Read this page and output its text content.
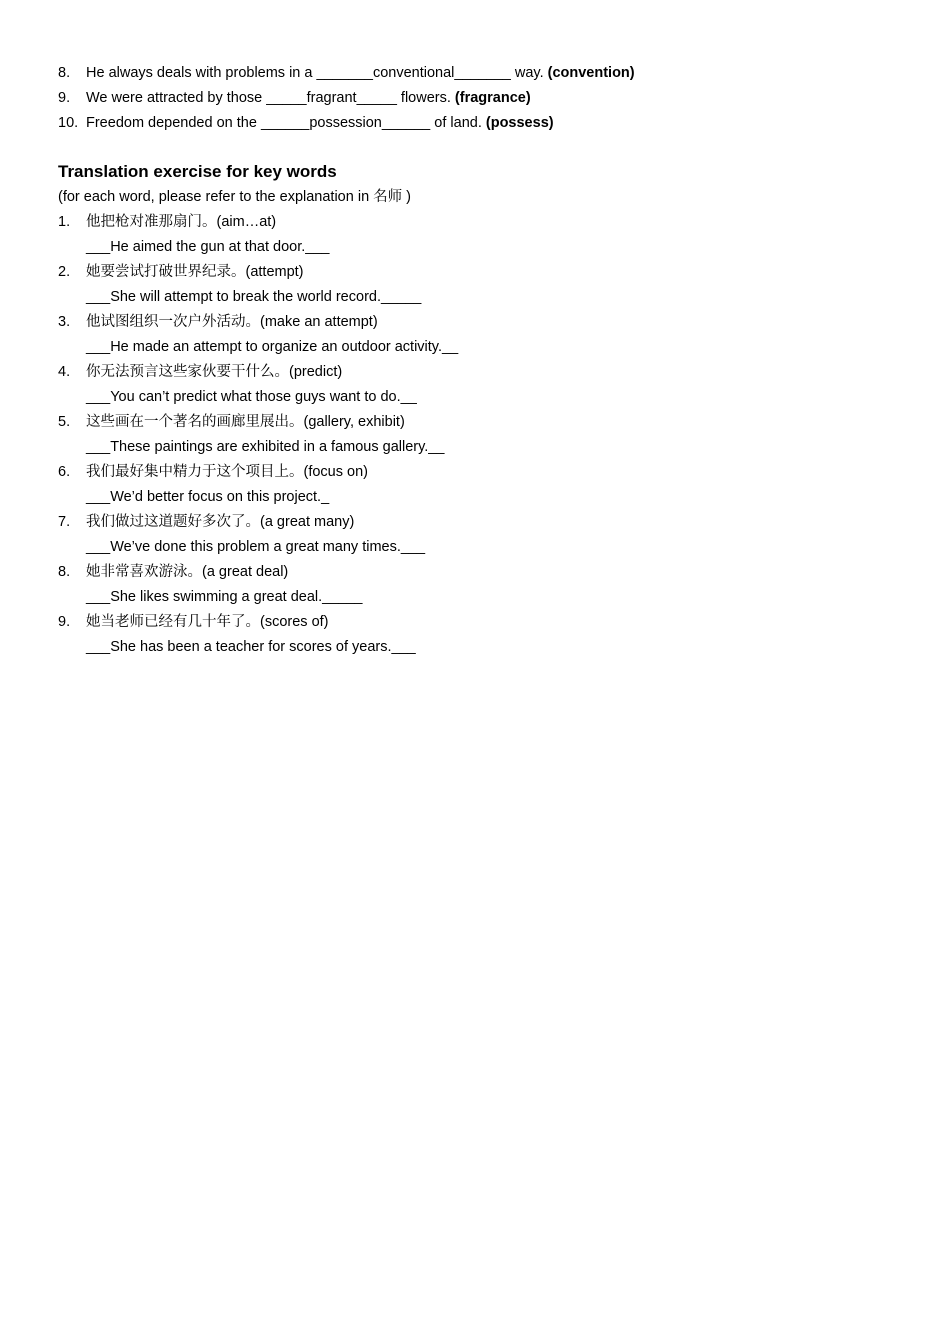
8.	He always deals with problems in a _______conventional_______ way. (convention)
9.	We were attracted by those _____fragrant_____ flowers. (fragrance)
10. Freedom depended on the ______possession______ of land. (possess)
Translation exercise for key words
(for each word, please refer to the explanation in 名师 )
1.	他把枪对准那扇门。 (aim…at)
___He aimed the gun at that door.___
2.	她要尝试打破世界纪录。 (attempt)
___She will attempt to break the world record._____
3.	他试图组织一次户外活动。 (make an attempt)
___He made an attempt to organize an outdoor activity.__
4.	你无法预言这些家伙要干什么。 (predict)
___You can’t predict what those guys want to do.__
5.	这些画在一个著名的画廊里展出。 (gallery, exhibit)
___These paintings are exhibited in a famous gallery.__
6.	我们最好集中精力于这个项目上。 (focus on)
___We’d better focus on this project._
7.	我们做过这道题好多次了。 (a great many)
___We’ve done this problem a great many times.___
8.	她非常喜欢游泳。 (a great deal)
___She likes swimming a great deal._____
9.	她当老师已经有几十年了。 (scores of)
___She has been a teacher for scores of years.___
